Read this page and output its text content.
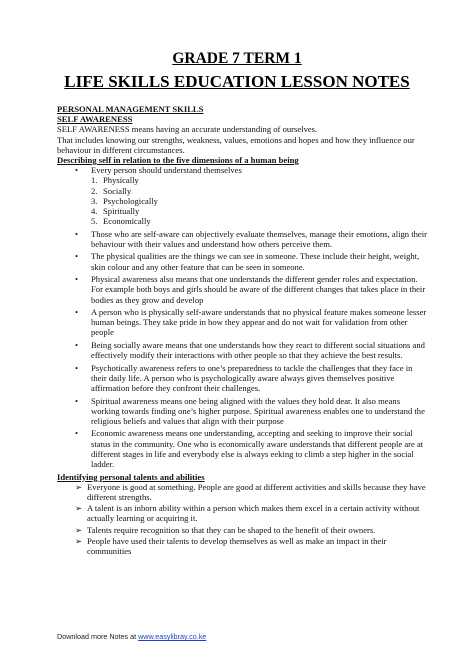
GRADE 7 TERM 1
LIFE SKILLS EDUCATION LESSON NOTES

PERSONAL MANAGEMENT SKILLS

SELF AWARENESS

SELF AWARENESS means having an accurate understanding of ourselves.

That includes knowing our strengths, weakness, values, emotions and hopes and how they influence our behaviour in different circumstances.

Describing self in relation to the five dimensions of a human being

• Every person should understand themselves
1. Physically
2. Socially
3. Psychologically
4. Spiritually
5. Economically
• Those who are self-aware can objectively evaluate themselves, manage their emotions, align their behaviour with their values and understand how others perceive them.
• The physical qualities are the things we can see in someone. These include their height, weight, skin colour and any other feature that can be seen in someone.
• Physical awareness also means that one understands the different gender roles and expectation. For example both boys and girls should be aware of the different changes that takes place in their bodies as they grow and develop
• A person who is physically self-aware understands that no physical feature makes someone lesser human beings. They take pride in how they appear and do not wait for validation from other people
• Being socially aware means that one understands how they react to different social situations and effectively modify their interactions with other people so that they achieve the best results.
• Psychotically awareness refers to one’s preparedness to tackle the challenges that they face in their daily life. A person who is psychologically aware always gives themselves positive affirmation before they confront their challenges.
• Spiritual awareness means one being aligned with the values they hold dear. It also means working towards finding one’s higher purpose. Spiritual awareness enables one to understand the religious beliefs and values that align with their purpose
• Economic awareness means one understanding, accepting and seeking to improve their social status in the community. One who is economically aware understands that different people are at different stages in life and everybody else is always eeking to climb a step higher in the social ladder.

Identifying personal talents and abilities

➢ Everyone is good at something. People are good at different activities and skills because they have different strengths.
➢ A talent is an inborn ability within a person which makes them excel in a certain activity without actually learning or acquiring it.
➢ Talents require recognition so that they can be shaped to the benefit of their owners.
➢ People have used their talents to develop themselves as well as make an impact in their communities
Download more Notes at www.easylibray.co.ke
